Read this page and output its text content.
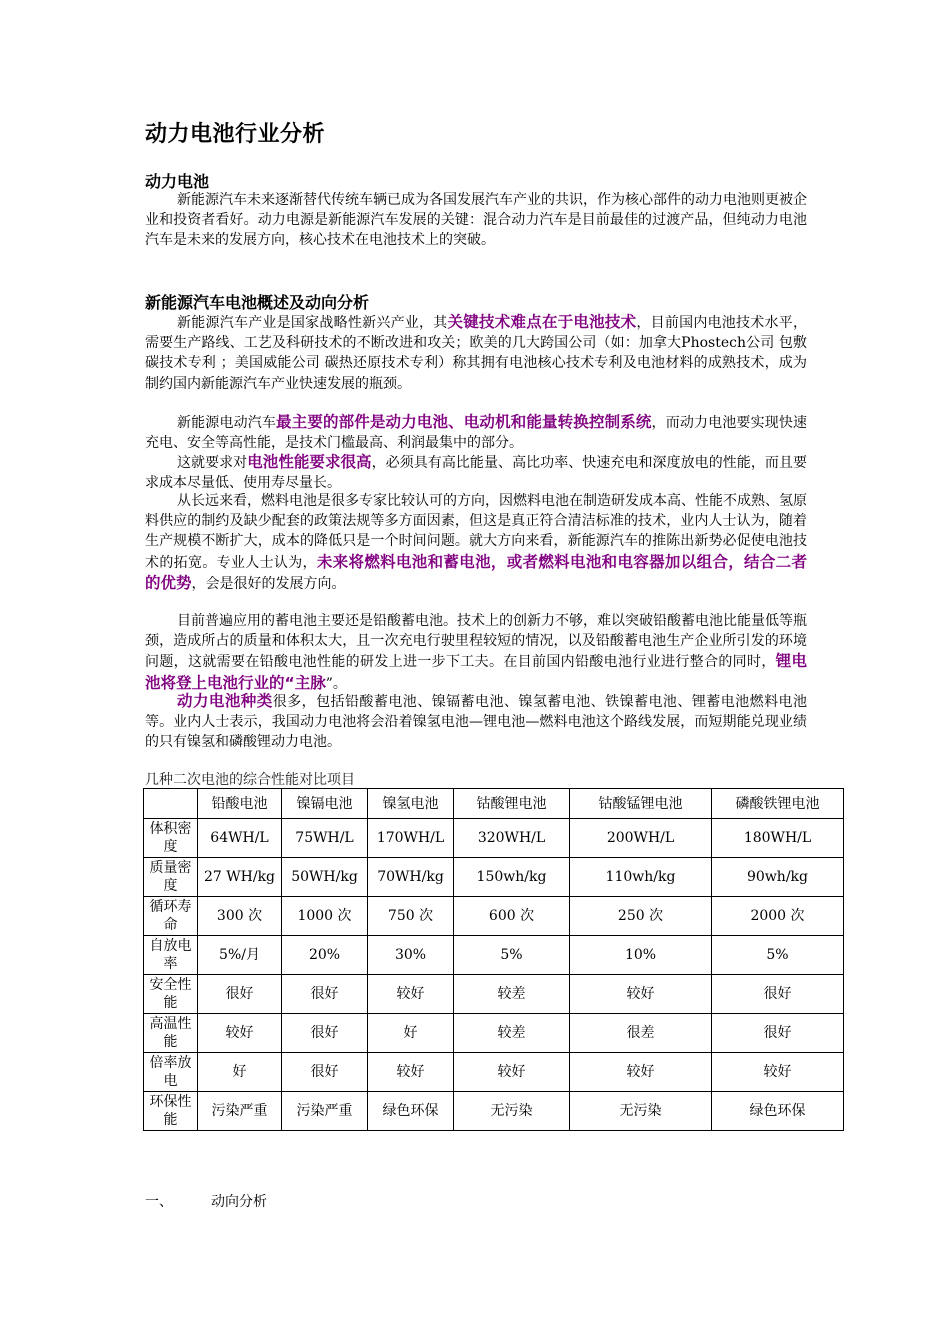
动力电池行业分析
动力电池

新能源汽车未来逐渐替代传统车辆已成为各国发展汽车产业的共识，作为核心部件的动力电池则更被企业和投资者看好。动力电源是新能源汽车发展的关键：混合动力汽车是目前最佳的过渡产品，但纯动力电池汽车是未来的发展方向，核心技术在电池技术上的突破。

新能源汽车电池概述及动向分析

新能源汽车产业是国家战略性新兴产业，其关键技术难点在于电池技术，目前国内电池技术水平，需要生产路线、工艺及科研技术的不断改进和攻关；欧美的几大跨国公司（如：加拿大Phostech公司 包敷碳技术专利 ；美国威能公司 碳热还原技术专利）称其拥有电池核心技术专利及电池材料的成熟技术，成为制约国内新能源汽车产业快速发展的瓶颈。

新能源电动汽车最主要的部件是动力电池、电动机和能量转换控制系统，而动力电池要实现快速充电、安全等高性能，是技术门槛最高、利润最集中的部分。

这就要求对电池性能要求很高，必须具有高比能量、高比功率、快速充电和深度放电的性能，而且要求成本尽量低、使用寿尽量长。

从长远来看，燃料电池是很多专家比较认可的方向，因燃料电池在制造研发成本高、性能不成熟、氢原料供应的制约及缺少配套的政策法规等多方面因素，但这是真正符合清洁标准的技术，业内人士认为，随着生产规模不断扩大，成本的降低只是一个时间问题。就大方向来看，新能源汽车的推陈出新势必促使电池技术的拓宽。专业人士认为，未来将燃料电池和蓄电池，或者燃料电池和电容器加以组合，结合二者的优势，会是很好的发展方向。

目前普遍应用的蓄电池主要还是铅酸蓄电池。技术上的创新力不够，难以突破铅酸蓄电池比能量低等瓶颈，造成所占的质量和体积太大，且一次充电行驶里程较短的情况，以及铅酸蓄电池生产企业所引发的环境问题，这就需要在铅酸电池性能的研发上进一步下工夫。在目前国内铅酸电池行业进行整合的同时，锂电池将登上电池行业的“主脉”。

动力电池种类很多，包括铅酸蓄电池、镍镉蓄电池、镍氢蓄电池、铁镍蓄电池、锂蓄电池燃料电池等。业内人士表示，我国动力电池将会沿着镍氢电池—锂电池—燃料电池这个路线发展，而短期能兑现业绩的只有镍氢和磷酸锂动力电池。

几种二次电池的综合性能对比项目
	铅酸电池	镍镉电池	镍氢电池	钴酸锂电池	钴酸锰锂电池	磷酸铁锂电池
体积密度	64WH/L	75WH/L	170WH/L	320WH/L	200WH/L	180WH/L
质量密度	27 WH/kg	50WH/kg	70WH/kg	150wh/kg	110wh/kg	90wh/kg
循环寿命	300 次	1000 次	750 次	600 次	250 次	2000 次
自放电率	5%/月	20%	30%	5%	10%	5%
安全性能	很好	很好	较好	较差	较好	很好
高温性能	较好	很好	好	较差	很差	很好
倍率放电	好	很好	较好	较好	较好	较好
环保性能	污染严重	污染严重	绿色环保	无污染	无污染	绿色环保
一、	动向分析
